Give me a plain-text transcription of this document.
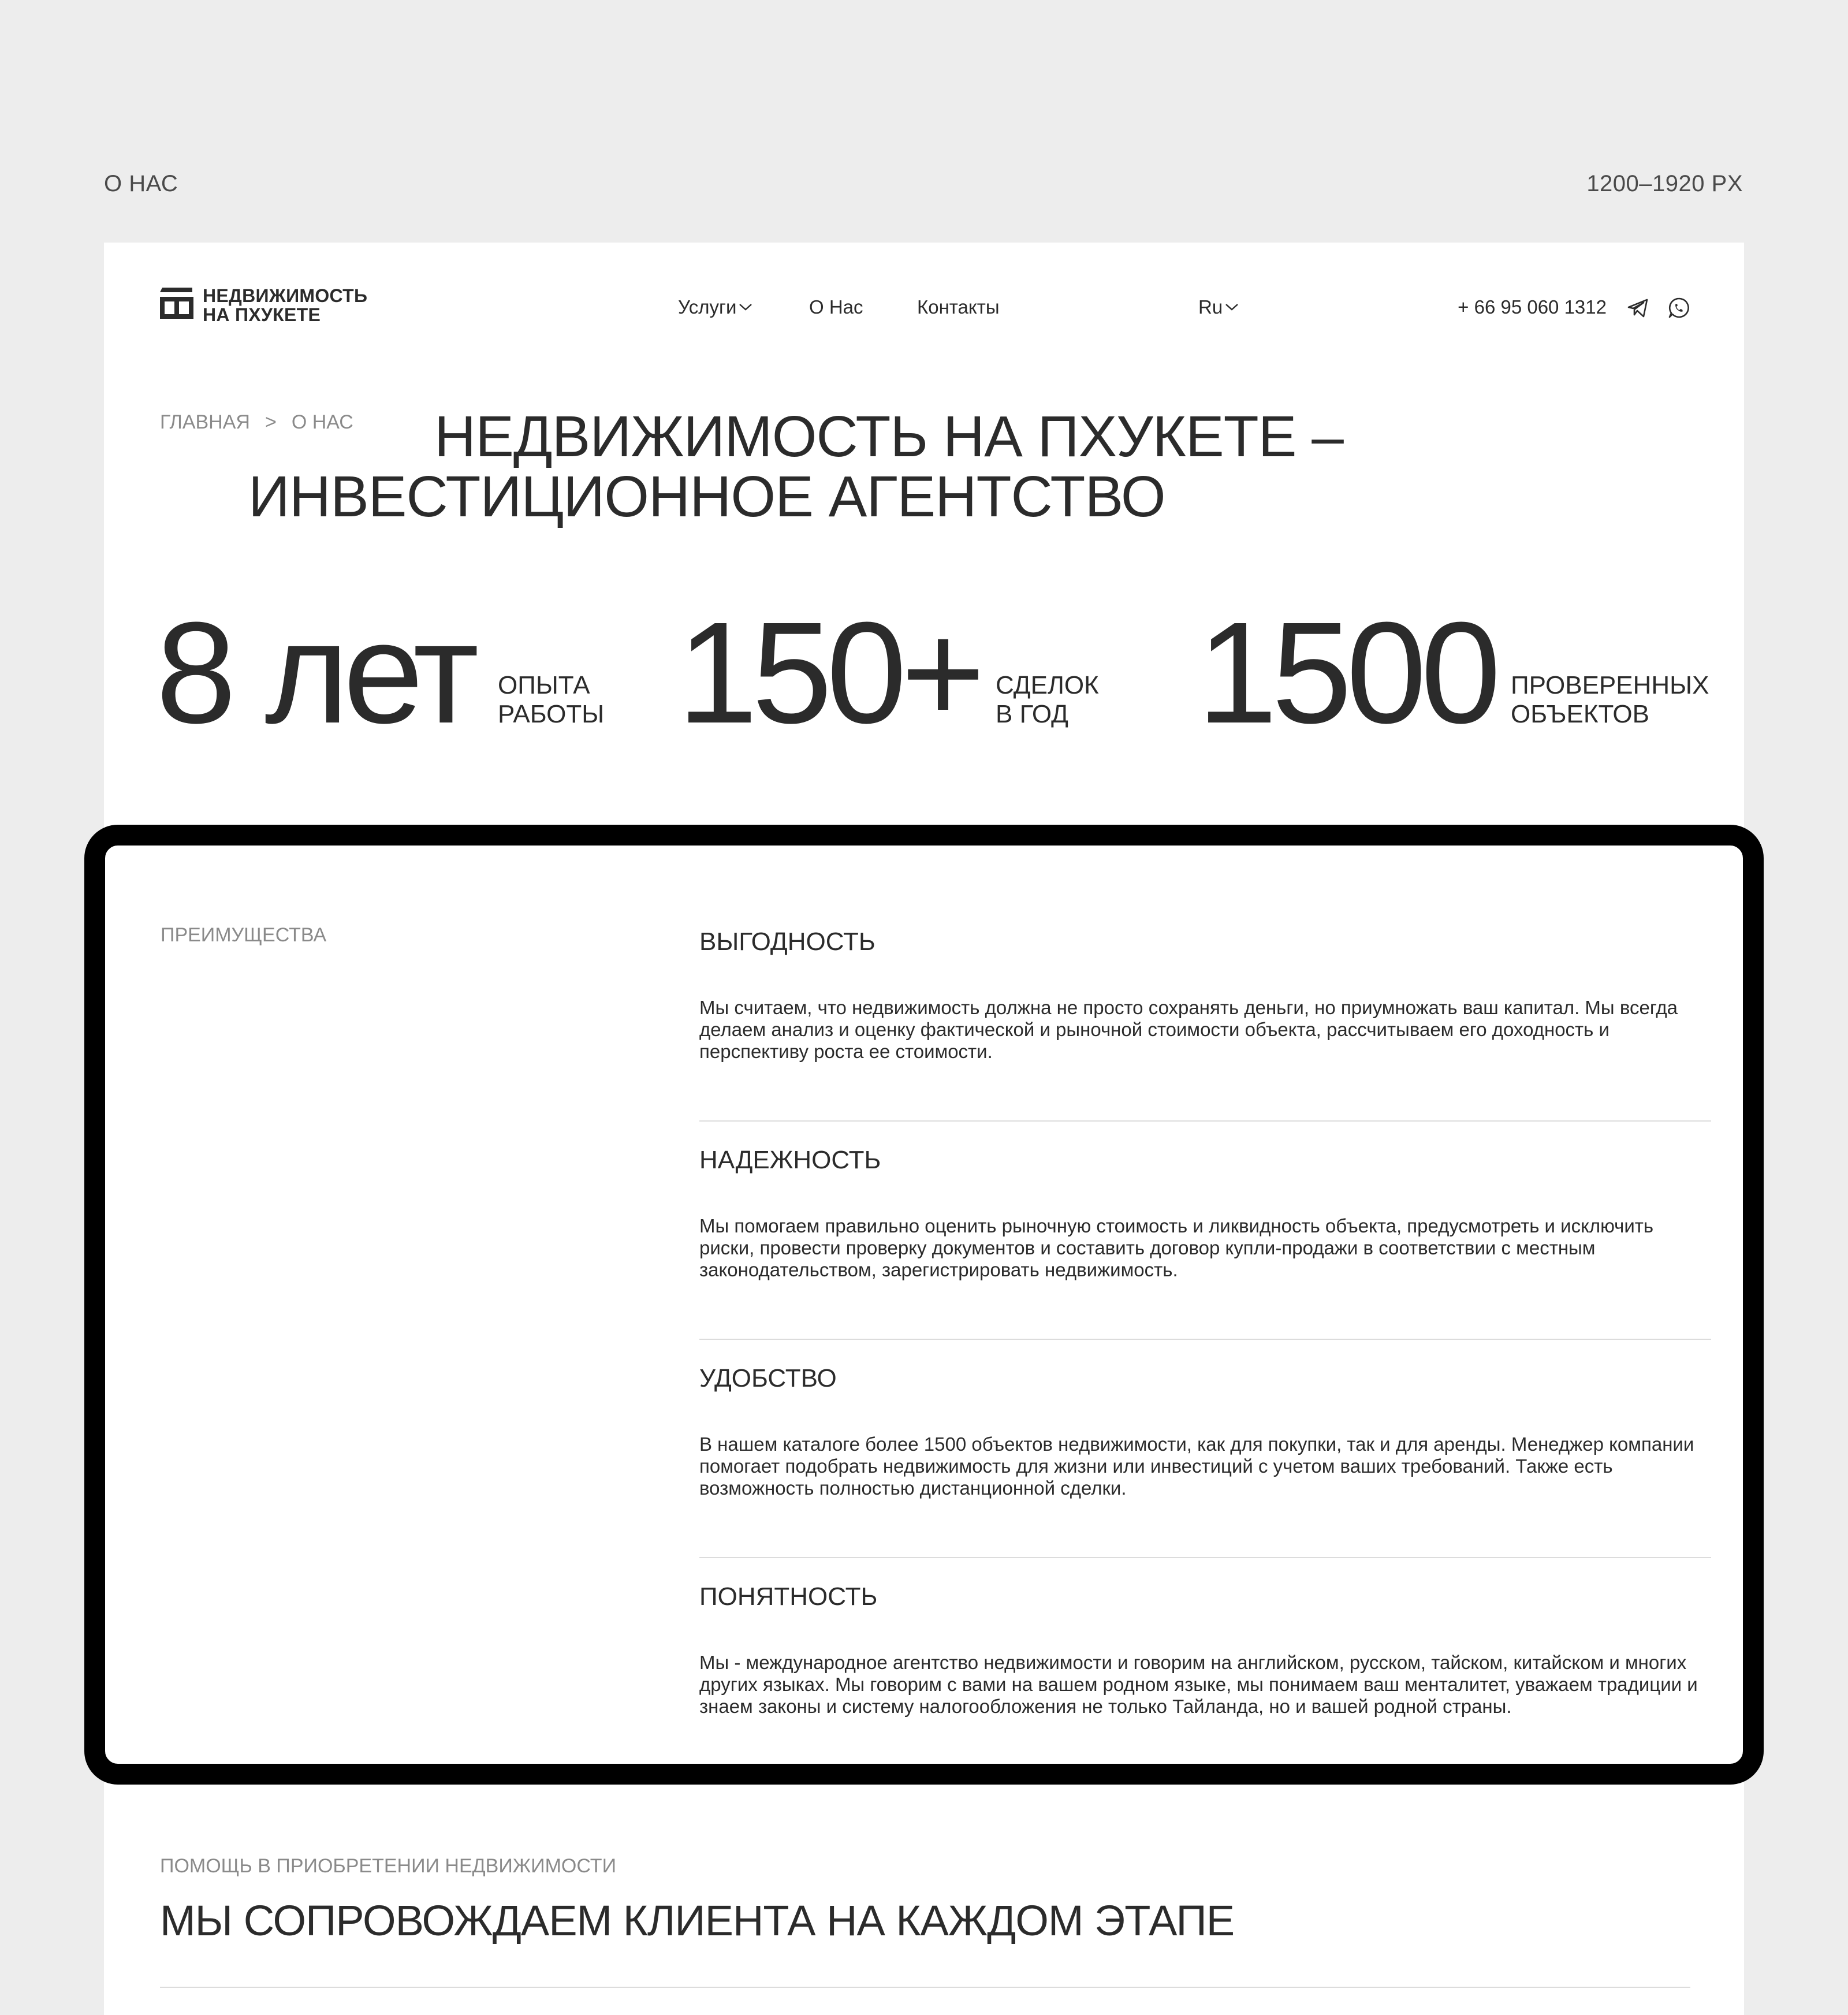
О НАС	1200–1920 PX
НЕДВИЖИМОСТЬ
НА ПХУКЕТЕ	Услуги	О Нас	Контакты	Ru	+ 66 95 060 1312
ГЛАВНАЯ > О НАС НЕДВИЖИМОСТЬ НА ПХУКЕТЕ –
ИНВЕСТИЦИОННОЕ АГЕНТСТВО
8 лет ОПЫТА
РАБОТЫ 150+ СДЕЛОК
В ГОД 1500 ПРОВЕРЕННЫХ
ОБЪЕКТОВ
ПОМОЩЬ В ПРИОБРЕТЕНИИ НЕДВИЖИМОСТИ
МЫ СОПРОВОЖДАЕМ КЛИЕНТА НА КАЖДОМ ЭТАПЕ
ПРЕИМУЩЕСТВА	ВЫГОДНОСТЬ

Мы считаем, что недвижимость должна не просто сохранять деньги, но приумножать ваш капитал. Мы всегда делаем анализ и оценку фактической и рыночной стоимости объекта, рассчитываем его доходность и перспективу роста ее стоимости.

НАДЕЖНОСТЬ

Мы помогаем правильно оценить рыночную стоимость и ликвидность объекта, предусмотреть и исключить риски, провести проверку документов и составить договор купли-продажи в соответствии с местным законодательством, зарегистрировать недвижимость.

УДОБСТВО

В нашем каталоге более 1500 объектов недвижимости, как для покупки, так и для аренды. Менеджер компании помогает подобрать недвижимость для жизни или инвестиций с учетом ваших требований. Также есть возможность полностью дистанционной сделки.

ПОНЯТНОСТЬ

Мы - международное агентство недвижимости и говорим на английском, русском, тайском, китайском и многих других языках. Мы говорим с вами на вашем родном языке, мы понимаем ваш менталитет, уважаем традиции и знаем законы и систему налогообложения не только Тайланда, но и вашей родной страны.
